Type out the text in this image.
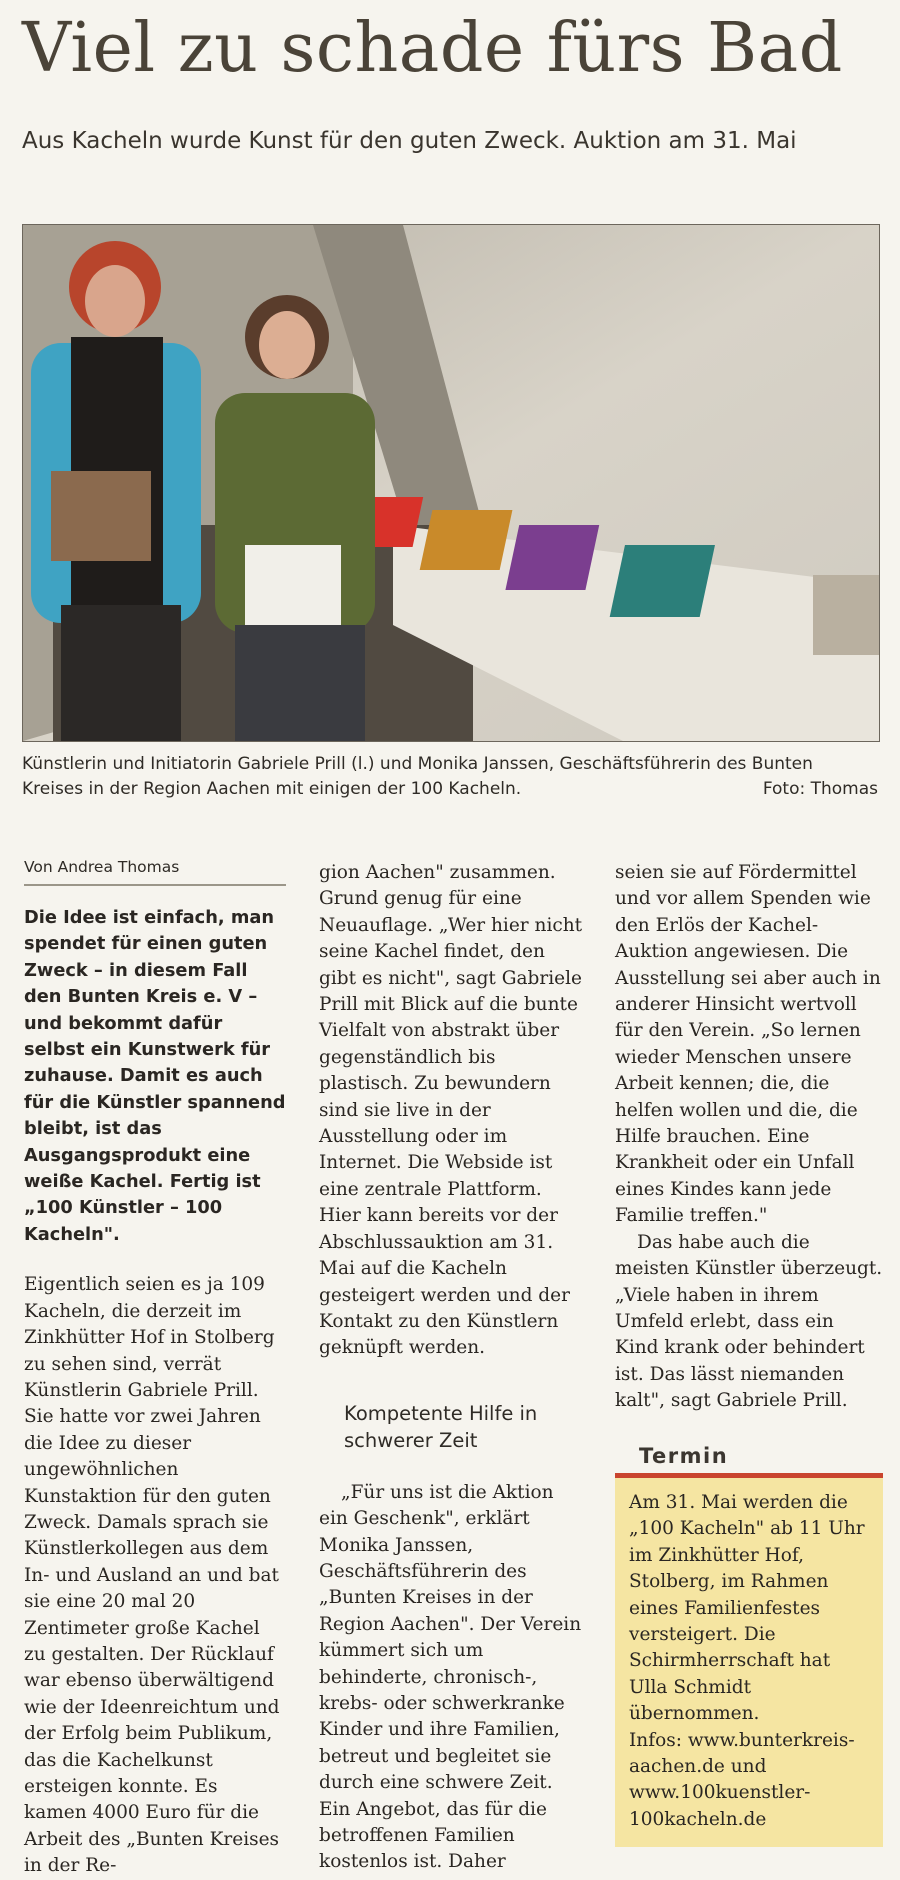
Viel zu schade fürs Bad
Aus Kacheln wurde Kunst für den guten Zweck. Auktion am 31. Mai
Künstlerin und Initiatorin Gabriele Prill (l.) und Monika Janssen, Geschäftsführerin des Bunten Kreises in der Region Aachen mit einigen der 100 Kacheln.	Foto: Thomas
Von Andrea Thomas

Die Idee ist einfach, man spendet für einen guten Zweck – in diesem Fall den Bunten Kreis e. V – und bekommt dafür selbst ein Kunstwerk für zuhause. Damit es auch für die Künstler spannend bleibt, ist das Ausgangsprodukt eine weiße Kachel. Fertig ist „100 Künstler – 100 Kacheln".

Eigentlich seien es ja 109 Kacheln, die derzeit im Zinkhütter Hof in Stolberg zu sehen sind, verrät Künstlerin Gabriele Prill. Sie hatte vor zwei Jahren die Idee zu dieser ungewöhnlichen Kunstaktion für den guten Zweck. Damals sprach sie Künstlerkollegen aus dem In- und Ausland an und bat sie eine 20 mal 20 Zentimeter große Kachel zu gestalten. Der Rücklauf war ebenso überwältigend wie der Ideenreichtum und der Erfolg beim Publikum, das die Kachelkunst ersteigen konnte. Es kamen 4000 Euro für die Arbeit des „Bunten Kreises in der Re-

gion Aachen" zusammen. Grund genug für eine Neuauflage. „Wer hier nicht seine Kachel findet, den gibt es nicht", sagt Gabriele Prill mit Blick auf die bunte Vielfalt von abstrakt über gegenständlich bis plastisch. Zu bewundern sind sie live in der Ausstellung oder im Internet. Die Webside ist eine zentrale Plattform. Hier kann bereits vor der Abschlussauktion am 31. Mai auf die Kacheln gesteigert werden und der Kontakt zu den Künstlern geknüpft werden.

Kompetente Hilfe in schwerer Zeit

„Für uns ist die Aktion ein Geschenk", erklärt Monika Janssen, Geschäftsführerin des „Bunten Kreises in der Region Aachen". Der Verein kümmert sich um behinderte, chronisch-, krebs- oder schwerkranke Kinder und ihre Familien, betreut und begleitet sie durch eine schwere Zeit. Ein Angebot, das für die betroffenen Familien kostenlos ist. Daher

seien sie auf Fördermittel und vor allem Spenden wie den Erlös der Kachel-Auktion angewiesen. Die Ausstellung sei aber auch in anderer Hinsicht wertvoll für den Verein. „So lernen wieder Menschen unsere Arbeit kennen; die, die helfen wollen und die, die Hilfe brauchen. Eine Krankheit oder ein Unfall eines Kindes kann jede Familie treffen."

Das habe auch die meisten Künstler überzeugt. „Viele haben in ihrem Umfeld erlebt, dass ein Kind krank oder behindert ist. Das lässt niemanden kalt", sagt Gabriele Prill.

Termin

Am 31. Mai werden die „100 Kacheln" ab 11 Uhr im Zinkhütter Hof, Stolberg, im Rahmen eines Familienfestes versteigert. Die Schirmherrschaft hat Ulla Schmidt übernommen.

Infos: www.bunterkreis-aachen.de und www.100kuenstler-100kacheln.de
